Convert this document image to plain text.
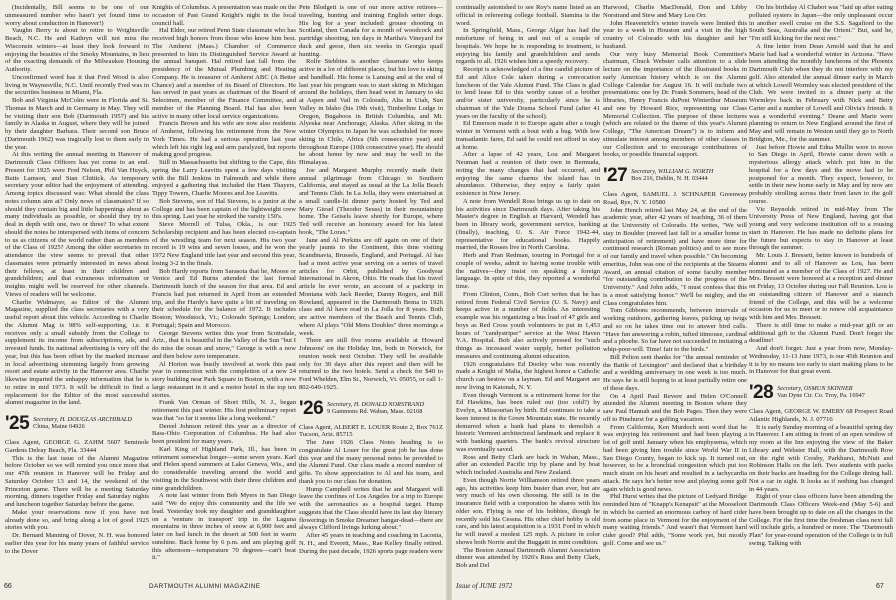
(Incidentally, Bill seems to be one of our unmeasured number who hasn't yet found time to worry about conduction in Hanover!)

Vaughn Berry is about to retire to Wrightsville Beach, N.C. He and Kathryn will not miss the Wisconsin winters—at least they look forward to enjoying the beauties of the Smoky Mountains, in lieu of the exacting demands of the Milwaukee Housing Authority.

Unconfirmed word has it that Fred Wood is also living in Waynesville, N.C. Until recently Fred was in the securities business in Miami, Fla.

Bob and Virginia McColm were in Florida and St. Thomas in March and in Germany in May. They will be visiting their son Bob (Dartmouth 1957) and his family in Alaska in August, where they will be joined by their daughter Barbara. Their second son Bruce (Dartmouth 1962) was tragically lost to them early in the year.

At this writing the annual meeting in Hanover of Dartmouth Class Officers has yet come to an end. Present for 1925 were Fred Nelson, Phil Van Huyck, Butts Lamson, and Stan Chittick. As temporary secretary your editor had the enjoyment of attending. Among topics discussed was: What should the class notes column aim at? Only news of classmates? If so should they contain big and little happenings about as many individuals as possible, or should they try to deal in depth with one, two or three? To what extent should the notes be interspersed with items of concern to us as citizens of the world rather than as members of the Class of 1925? Among the older secretaries in attendance the view seems to prevail that other classmates were primarily interested in news about their fellows, at least in their children and grandchildren; and that extraneous information or insights might well be reserved for other channels. Views of readers will be welcome.

Charlie Widmayer, as Editor of the Alumni Magazine, supplied the class secretaries with a very useful report about this vehicle. According to Charlie the Alumni Mag is 98% self-supporting, i.e. it receives only a small subsidy from the College to supplement its income from subscriptions, ads, and invested funds. Its national advertising is very off the year, but this has been offset by the marked increase in local advertising stemming largely from growing resort and estate activity in the Hanover area. Charlie likewise imparted the unhappy information that he is to retire in mid 1973. It will be difficult to find a replacement for the Editor of the most successful alumni magazine in the land.

'25 Secretary, H. DOUGLAS ARCHIBALD
China, Maine 04926

Class Agent, GEORGE G. ZAHM 5607 Seminole Gardens Delray Beach, Fla. 33444

This is the last issue of the Alumni Magazine before October so we will remind you once more that our 47th reunion in Hanover will be Friday and Saturday October 13 and 14, the weekend of the Princeton game. There will be a meeting Saturday morning, dinners together Friday and Saturday nights and luncheon together Saturday before the game.

Make your reservations now if you have not already done so, and bring along a lot of good 1925 stories with you.

Dr. Bernard Manning of Dover, N. H. was honored earlier this year for his many years of faithful service to the Dover

Knights of Columbus. A presentation was made on the occasion of Past Grand Knight's night in the local council hall.

Hal Elder, our retired Penn State classmate who has received high honors from those who know him best. The Amherst (Mass.) Chamber of Commerce presented to him its Distinguished Service Award at the annual banquet. Hal retired last fall from the presidency of the Mutual Plumbing and Heating Company. He is treasurer of Amherst ABC (A Better Chance) and a member of its Board of Directors. He has served in past years as chairman of the Board of Selectmen, member of the Finance Committee, and member of the Planning Board. Hal has also been active in many other local service organizations.

Francis Brown and his wife are now also residents of Amherst, following his retirement from the New York Times. He had a serious operation last year which left his right leg and arm paralyzed, but reports making good progress.

Still in Massachusetts but shifting to the Cape, this spring the Larry Leavitts spent a few days visiting with the Bill Jenkins in Falmouth and while there enjoyed a gathering that included the Ham Thayers, Tippy Towers, Charlie Moores and Joe Leavitts.

Bob Stevens, son of Hal Stevens, is a junior at the College and has been captain of the lightweight crew this spring. Last year he stroked the varsity 150's.

Steve Morrell of Tulsa, Okla., is our 1925 Scholarship recipient and has been elected co-captain of the wrestling team for next season. His two year record is 19 wins and seven losses, and he won the 1972 New England title last year and second this year, losing 3-2 in the finals.

Bob Hardy reports from Sarasota that he, Moose or Venice and Ed Burns attended the last formal Dartmouth lunch of the season for that area. Ed and Francis had just returned in April from an extended trip, and the Hardy's have quite a bit of traveling on their schedule for the balance of 1972. It includes Boston; Woodstock, Vt.; Colorado Springs; London; Portugal; Spain and Morocco.

George Stevens writes this year from Scottsdale, Ariz., that it is beautiful in the Valley of the Sun "but I do miss the ocean and snow," George is with a now and then below zero temperature.

Al Horton was busily involved at work this past year in connection with the completion of a new 24 story building near Park Square in Boston, with a new large restaurant in it and a motor hotel in the top ten stories.

Frank Van Orman of Short Hills, N. J., began retirement this past winter. His first preliminary report was that "so far it seems like a long weekend."

Dereel Johnson retired this year as a director of Bass-Ohio Corporation of Columbus. He had also been president for many years.

Karl King of Highland Park, Ill., has been in retirement somewhat longer—some seven years. Karl and Helen spend summers at Lake Geneva, Wis., and do considerable traveling around the world and visiting in the Southwest with their three children and nine grandchildren.

A note last winter from Bob Myers in San Diego said "We do enjoy this community and the life we lead. Yesterday took my daughter and granddaughter on a 'venture in transport' trip in the Laguna mountains in three inches of snow at 6,900 feet and later on had lunch in the desert at 500 feet in warm sunshine. Back home by 6 p.m. and am playing golf this afternoon—temperature 70 degrees—can't beat it."

Pete Blodgett is one of our more active retirees—traveling, hunting and training English setter dogs. His log for a year included: grouse shooting in Scotland, then Canada for a month of woodcock and partridge shooting, ten days in Martha's Vineyard for duck and geese, then six weeks in Georgia quail hunting.

Rolfe Stebbins is another classmate who keeps active in a lot of different places, but his love is skiing and handball. His home is Lansing and at the end of last year his program was to start skiing in Michigan around the holidays, then head west in January to ski at Aspen and Vail in Colorado, Alta in Utah, Sun Valley in Idaho (his 19th visit), Timberline Lodge in Oregon, Bugaboos in British Columbia, and Mt. Alyeska near Anchorage, Alaska. After skiing in the winter Olympics in Japan he was scheduled for more skiing in Chile, Africa (6th consecutive year) and throughout Europe (10th consecutive year). He should be about home by now and may be well in the Himalayas.

Joe and Margaret Murphy recently made their annual pilgrimage from Chicago to Southern California, and stayed as usual at the La Jolla Beach and Tennis Club. In La Jolla, they were entertained at a small candle-lit dinner party hosted by Ted and Mary Giesel (Theodor Seuss) in their mountaintop home. The Geisels leave shortly for Europe, where Ted will receive an honorary award for his latest book, "The Lorax."

Jane and Al Perkins are off again on one of their yearly jaunts to the Continent, this time visiting Scandinavia, Brussels, England, and Portugal. Al has had a most active year serving on a series of travel articles for Orbit, published by Goodyear International in Akron, Ohio. He reads that his travel article he ever wrote, an account of a packtrip in Montana with Jack Reeder, Danny Rogers, and Bill Rowland, appeared in the Dartmouth Bema in 1926 class and Al have read in La Jolla for 8 years. Both are active members of the Beach and Tennis Club, where Al plays "Old Mens Doubles" three mornings a week.

There are still five rooms available at Howard Johnsons' on the Holiday Inn, both in Norwich, for reunion week next October. They will be available only for 30 days after this report and then will be returned to the two hotels. Send a check for $40 to Ford Whelden, Elm St., Norwich, Vt. 05055, or call 1-802-649-1925.

'26 Secretary, H. DONALD NORSTRAND
9 Gammons Rd. Waban, Mass. 02168

Class Agent, ALBERT E. LOUER Route 2, Box 761Z Tucson, Ariz. 85715

The June 1926 Class Notes heading is to congratulate Al Louer for the great job he has done this year and the many personal notes he provided to the Alumni Fund. Our class made a record number of gifts. To show appreciation to Al and his team, and thank you to our class for donation.

Hump Campbell writes that he and Margaret will leave the confines of Los Angeles for a trip to Europe with the aeronautics as a hospital target. Hump suggests that the Class should have its last day literary flowerings in Smoke Dreamer hangar-dead—there are always Clifford livings lurking about."

After 45 years in teaching and coaching in Laconia, N. H., and Everett, Mass., Rae Kelley finally retired. During the past decade, 1926 sports page readers were

continually astonished to see Roy's name listed as an official in refereeing college football. Stamina is the word.

In Springfield, Mass., George Algar has had the misfortune of being in and out of a couple of hospitals. We hope he is responding to treatment, is enjoying his family and grandchildren and sends regards to all. 1926 wishes him a speedy recovery.

Receipt is acknowledged of a fine candid picture of Ed and Alice Cole taken during a convocation luncheon of the Yale Alumni Fund. The Class is glad to lend lease Ed to this worthy cause of a brother and/or sister university, particularly since he is chairman of the Yale Drama School Fund (after 41 years on the faculty of the school).

Ed Emerson made it to Europe again after a tough winter in Vermont with a bout with a bug. With low transatlantic fares, Ed said he could not afford to stay at home.

After a lapse of 42 years, Lou and Margaret Neuman had a reunion of their own in Bermuda, noting the many changes that had occurred, and enjoying the same charms the island has in abundance. Otherwise, they enjoy a fairly quiet existence in New Jersey.

A note from Wendell Ross brings us up to date on his activities since Dartmouth days. After taking his Master's degree in English at Harvard, Wendell has been in library work, government service, banking (finally), teaching, U. S. Air Force 1942-44, representative for educational books. Happily married, the Rosses live in North Carolina.

Herb and Fran Redman, touring in Portugal for a couple of weeks, admit to having some trouble with the natives—they insist on speaking a foreign language. In spite of this, they reported a wonderful time.

From Clinton, Conn., Bob Cort writes that he has retired from Federal Civil Service (U. S. Navy) and keeps active in a number of fields. An interesting example was his organizing a bus load of 47 girls and boys as Red Cross youth volunteers to put in 1,453 hours of "candystriper" service at the West Haven V.A. Hospital. Bob also actively pressed for "such things as increased water supply, better pollution measures and continuing alumni education.

1926 congratulates Ed Dooley who was recently made a Knight of Malta, the highest honor a Catholic church can bestow on a layman. Ed and Margaret are now living in Katonah, N. Y.

Even though Vermont is a retirement home for the Ed Hawkins, has been ruled out (too cold?) by Evelyn, a Missourian by birth. Ed continues to take a keen interest in the Green Mountain state. He recently demurred when a bank had plans to demolish a historic Vermont architectural landmark and replace it with banking quarters. The bank's revival structure was eventually saved.

Ross and Betty Clark are back in Waban, Mass., after an extended Pacific trip by plane and by boat which included Australia and New Zealand.

Even though Norrie Williamson retired three years ago, his activities keep him busier than ever, but are very much of his own choosing. He still is in the insurance field with a corporation he shares with his older son. Flying is one of his hobbies, though he recently sold his Cessna. His other chief hobby is old cars, and his latest acquisition is a 1931 Ford in which he will travel a modest 125 mph. A picture in color shows both Norrie and the Buggatti in mint condition.

The Boston Annual Dartmouth Alumni Association dinner was attended by 1926's Russ and Betty Clark, Bob and Del

Harwood, Charlie MacDonald, Don and Libby Norstrand and Stew and Mary Lou Orr.

John Heavenrich's winter travels were limited this year to a week in Houston and a visit in the high country of Colorado with his daughter and her husband.

Our very busy Memorial Book Committee's chairman, Chuck Webster calls attention to a slide lecture on the importance of the illustrated books in early American history which is on the Alumni College Calendar for August 16. It will include two presentations: one by Dr. Frank Sommers, head of the libraries, Henry Francis duPont Winterthur Museum and one by Howard Rice, representing our Class Memorial Collection. The purpose of these lectures (which are related to the theme of this year's Alumni College, "The American Dream") is to inform and stimulate interest among members of other classes in our Collection and to encourage contributions of books, or possible financial support.

'27 Secretary, WILLIAM G. NORTH
Box 216, Dublin, N. H. 03444

Class Agent, SAMUEL J. SCHNAPER Greenway Road, Rye, N. Y. 10580

John Hench retired last May 24, at the end of the academic year, after 42 years of teaching, 36 of them at the University of Colorado. He writes, "We will stay in Boulder (moved last fall to a smaller home in anticipation of retirement) and have more time for continued research (Roman politics) and to see more of our family and travel when possible." On becoming emeritus, John was one of the recipients at the Stearns Award, an annual citation of some faculty member "for outstanding contribution to the progress of the University." And John adds, "I must confess that this is a most satisfying honor." We'll be mighty, and the Class congratulates him.

Tom Gibbons recommends, between intervals of working outdoors, gathering leaves, picking up twigs and so on he takes time out to answer bird calls. "Have fun answering a robin, tufted titmouse, cardinal and a phoebe. So far have not succeeded in imitating a whip-poor-will. Time! fair to the birds."

Bill Pelton sent thanks for "the annual reminder of the Battle of Lexington" and declared that a birthday and a wedding anniversary in one week is too much. He says he is still hoping to at least partially retire one of these days.

On 4 April Paul Revere and Helen O'Connell attended the Alumni meeting in Boston where they saw Paul Hannah and the Bob Pages. Then they were off to Pinehurst for a golfing vacation.

From California, Ken Murdoch sent word that he was enjoying his retirement and had been playing a lot of golf until January when his emphysema, which had been giving him trouble since World War II in San Diego County, began to kick up. It turned out, however, to be a bronchial congestion which put too much strain on his heart and resulted in a tachycardia attack. He says he's better now and playing some golf again which is good news.

Phil Hurst writes that the picture of Ledyard Bridge reminded him of "Knapp's Kenapsit" at the Mooseloot in which he carried an enormous carboy of hard cider from some place in Vermont for the enjoyment of the many waiting friends." And wasn't that Vermont hard cider good? Phil adds, "Some work yet, but mostly golf. Come and see us."

On his birthday Al Chabot was "laid up after eating polluted oysters in Japan—the only unpleasant occur in another swell cruise on the S.S. Sagafiord to the South Seas, Australia and the Orient." But, said he, "I'm still kicking for the next one."

A fine letter from Dean Arnold said that he and Marie had had a wonderful winter in Arizona. "Have been attending the monthly luncheons of the Phoenix Dartmouth Club when they do not interfere with my golf. Also attended the annual dinner early in March at which Lowell Wormley was elected president of the Club. We were invited to a dinner party at the Wormleys back in February with Nick and Betty Carter and a number of Lowell and Olivia's friends. It was a wonderful evening." Deane and Marie were planning to return to New England around the first of May and will remain in Weston until they go to North Bridgton, Me., for the summer.

Just before Howie and Edna Mullin were to move to San Diego in April, Howie came down with a mysterious allergy attack which put him in the hospital for a few days and the move had to be postponed for a month. They expect, however, to settle in their new home early in May and by now are probably strolling across their front lawn to the golf course.

Vic Reynolds retired in mid-May from The University Press of New England, having got that young and very welcome institution off to a rousing start in Hanover. He has made no definite plans for the future but expects to stay in Hanover at least through the summer.

Mr. Louis J. Bressett, better known to hundreds of alumni and to all of Hanover as Lou, has been nominated as a member of the Class of 1927. He and Mrs. Bressett were honored at a reception and dinner on Friday, 13 October during our Fall Reunion. Lou is an outstanding citizen of Hanover and a staunch friend of the College, and this will be a welcome occasion for us to meet or to renew old acquaintance with him and Mrs. Bressett.

There is still time to make a mid-year gift or an additional gift to the Alumni Fund. Don't forget the deadline!

And don't forget: Just a year from now, Monday-Wednesday, 11-13 June 1973, is our 45th Reunion and it is by no means too early to start making plans to be in Hanover for that great event.

'28 Secretary, OSMUN SKINNER
Van Dyne Cir. Co. Troy, Pa. 16947

Class Agent, GEORGE W. EMERY 68 Prospect Road Atlantic Highlands, N. J. 07716

It is early Sunday morning of a beautiful spring day in Hanover. I am sitting in front of an open window of my room at the Inn enjoying the view of the Baker Library and Webster Hall, with the Dartmouth Row on the right with Crosby, Parkhurst, McNutt and Robinson Halls on the left. Two students with packs on their backs are heading for the College dining hall. Not a car in sight. It looks as if nothing has changed in 44 years.

Eight of your class officers have been attending the Dartmouth Class Officers Week-end (May 5-6) and have been brought up to date on all the changes in the College. For the first time the freshman class next fall will include girls, a hundred or more. The "Dartmouth Plan" for year-round operation of the College is in full swing. Talking with

66	DARTMOUTH ALUMNI MAGAZINE	Issue of JUNE 1972	67
